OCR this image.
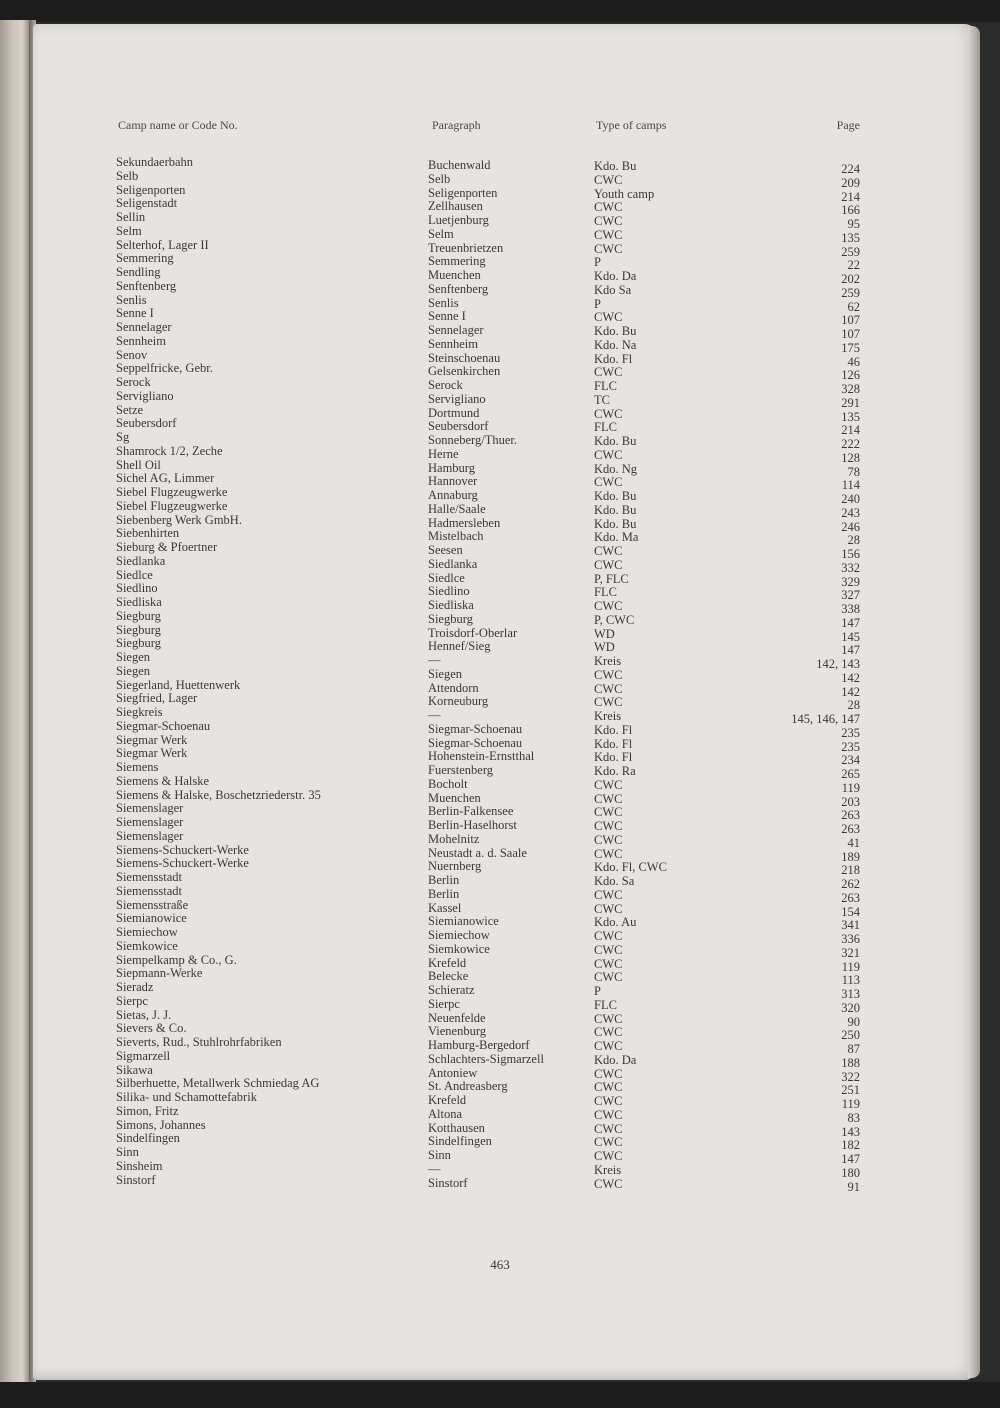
Camp name or Code No.	Paragraph	Type of camps	Page
Sekundaerbahn	Buchenwald	Kdo. Bu	224
Selb	Selb	CWC	209
Seligenporten	Seligenporten	Youth camp	214
Seligenstadt	Zellhausen	CWC	166
Sellin	Luetjenburg	CWC	95
Selm	Selm	CWC	135
Selterhof, Lager II	Treuenbrietzen	CWC	259
Semmering	Semmering	P	22
Sendling	Muenchen	Kdo. Da	202
Senftenberg	Senftenberg	Kdo Sa	259
Senlis	Senlis	P	62
Senne I	Senne I	CWC	107
Sennelager	Sennelager	Kdo. Bu	107
Sennheim	Sennheim	Kdo. Na	175
Senov	Steinschoenau	Kdo. Fl	46
Seppelfricke, Gebr.	Gelsenkirchen	CWC	126
Serock	Serock	FLC	328
Servigliano	Servigliano	TC	291
Setze	Dortmund	CWC	135
Seubersdorf	Seubersdorf	FLC	214
Sg	Sonneberg/Thuer.	Kdo. Bu	222
Shamrock 1/2, Zeche	Herne	CWC	128
Shell Oil	Hamburg	Kdo. Ng	78
Sichel AG, Limmer	Hannover	CWC	114
Siebel Flugzeugwerke	Annaburg	Kdo. Bu	240
Siebel Flugzeugwerke	Halle/Saale	Kdo. Bu	243
Siebenberg Werk GmbH.	Hadmersleben	Kdo. Bu	246
Siebenhirten	Mistelbach	Kdo. Ma	28
Sieburg & Pfoertner	Seesen	CWC	156
Siedlanka	Siedlanka	CWC	332
Siedlce	Siedlce	P, FLC	329
Siedlino	Siedlino	FLC	327
Siedliska	Siedliska	CWC	338
Siegburg	Siegburg	P, CWC	147
Siegburg	Troisdorf-Oberlar	WD	145
Siegburg	Hennef/Sieg	WD	147
Siegen	—	Kreis	142, 143
Siegen	Siegen	CWC	142
Siegerland, Huettenwerk	Attendorn	CWC	142
Siegfried, Lager	Korneuburg	CWC	28
Siegkreis	—	Kreis	145, 146, 147
Siegmar-Schoenau	Siegmar-Schoenau	Kdo. Fl	235
Siegmar Werk	Siegmar-Schoenau	Kdo. Fl	235
Siegmar Werk	Hohenstein-Ernstthal	Kdo. Fl	234
Siemens	Fuerstenberg	Kdo. Ra	265
Siemens & Halske	Bocholt	CWC	119
Siemens & Halske, Boschetzriederstr. 35	Muenchen	CWC	203
Siemenslager	Berlin-Falkensee	CWC	263
Siemenslager	Berlin-Haselhorst	CWC	263
Siemenslager	Mohelnitz	CWC	41
Siemens-Schuckert-Werke	Neustadt a. d. Saale	CWC	189
Siemens-Schuckert-Werke	Nuernberg	Kdo. Fl, CWC	218
Siemensstadt	Berlin	Kdo. Sa	262
Siemensstadt	Berlin	CWC	263
Siemensstraße	Kassel	CWC	154
Siemianowice	Siemianowice	Kdo. Au	341
Siemiechow	Siemiechow	CWC	336
Siemkowice	Siemkowice	CWC	321
Siempelkamp & Co., G.	Krefeld	CWC	119
Siepmann-Werke	Belecke	CWC	113
Sieradz	Schieratz	P	313
Sierpc	Sierpc	FLC	320
Sietas, J. J.	Neuenfelde	CWC	90
Sievers & Co.	Vienenburg	CWC	250
Sieverts, Rud., Stuhlrohrfabriken	Hamburg-Bergedorf	CWC	87
Sigmarzell	Schlachters-Sigmarzell	Kdo. Da	188
Sikawa	Antoniew	CWC	322
Silberhuette, Metallwerk Schmiedag AG	St. Andreasberg	CWC	251
Silika- und Schamottefabrik	Krefeld	CWC	119
Simon, Fritz	Altona	CWC	83
Simons, Johannes	Kotthausen	CWC	143
Sindelfingen	Sindelfingen	CWC	182
Sinn	Sinn	CWC	147
Sinsheim	—	Kreis	180
Sinstorf	Sinstorf	CWC	91
463
